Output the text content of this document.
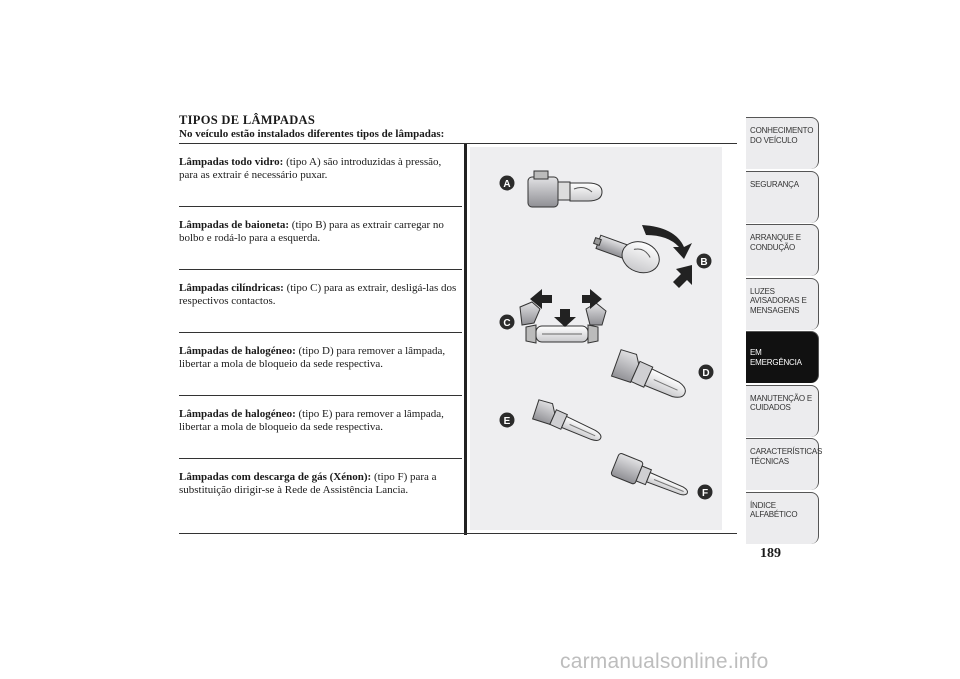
TIPOS DE LÂMPADAS

No veículo estão instalados diferentes tipos de lâmpadas:

Lâmpadas todo vidro: (tipo A) são introduzidas à pressão, para as extrair é necessário puxar.
Lâmpadas de baioneta: (tipo B) para as extrair carregar no bolbo e rodá-lo para a esquerda.
Lâmpadas cilíndricas: (tipo C) para as extrair, desligá-las dos respectivos contactos.
Lâmpadas de halogéneo: (tipo D) para remover a lâmpada, libertar a mola de bloqueio da sede respectiva.
Lâmpadas de halogéneo: (tipo E) para remover a lâmpada, libertar a mola de bloqueio da sede respectiva.
Lâmpadas com descarga de gás (Xénon): (tipo F) para a substituição dirigir-se à Rede de Assistência Lancia.
A
B
C
D
E
F
CONHECIMENTO
DO VEÍCULO
SEGURANÇA
ARRANQUE E
CONDUÇÃO
LUZES
AVISADORAS E
MENSAGENS
EM EMERGÊNCIA
MANUTENÇÃO E
CUIDADOS
CARACTERÍSTICAS
TÉCNICAS
ÍNDICE
ALFABÉTICO

189

carmanualsonline.info
